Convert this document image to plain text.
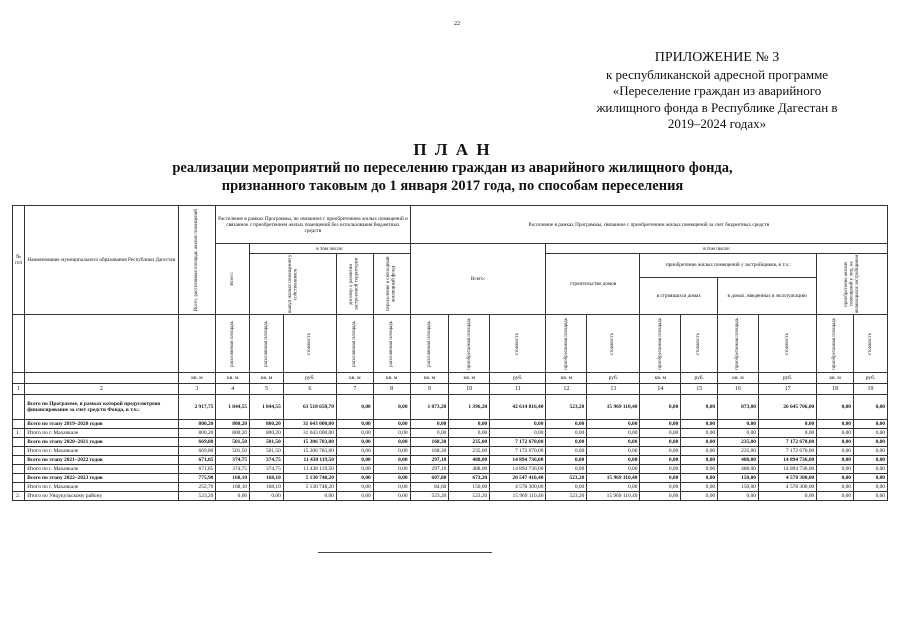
22
ПРИЛОЖЕНИЕ № 3
к республиканской адресной программе
«Переселение граждан из аварийного
жилищного фонда в Республике Дагестан в
2019–2024 годах»
П Л А Н
реализации мероприятий по переселению граждан из аварийного жилищного фонда,
признанного таковым до 1 января 2017 года, по способам переселения
№ п/п	Наименование муниципального образования Республики Дагестан	Всего, расселяемая площадь жилых помещений	Расселение в рамках Программы, не связанное с приобретением жилых помещений и связанное с приобретением жилых помещений без использования бюджетных средств					Расселение в рамках Программы, связанное с приобретением жилых помещений за счет бюджетных средств										

			Всего:	в том числе:				Всего:			в том числе:							

				выкуп жилых помещений у собственников		договор о развитии застроенной территории	переселение в свободный жилищный фонд				строительство домов		приобретение жилых помещений у застройщиков, в т.ч.:				приобретение жилых помещений у лиц, не являющихся застройщиком	

													в строящихся домах		в домах, введенных в эксплуатацию			

			расселяемая площадь	расселяемая площадь	стоимость	расселяемая площадь	расселяемая площадь	расселяемая площадь	приобретаемая площадь	стоимость	приобретаемая площадь	стоимость	приобретаемая площадь	стоимость	приобретаемая площадь	стоимость	приобретаемая площадь	стоимость

		кв. м	кв. м	кв. м	руб.	кв. м	кв. м	кв. м	кв. м	руб.	кв. м	руб.	кв. м	руб.	кв. м	руб.	кв. м	руб.
1	2	3	4	5	6	7	8	9	10	11	12	13	14	15	16	17	18	19
	Всего по Программе, в рамках которой предусмотрено финансирование за счет средств Фонда, в т.ч.:	2 917,75	1 844,55	1 844,55	63 518 650,70	0,00	0,00	1 073,20	1 396,20	42 614 816,40	523,20	15 969 110,40	0,00	0,00	873,00	26 645 706,00	0,00	0,00
	Всего по этапу 2019–2020 годов	800,20	800,20	800,20	31 643 000,00	0,00	0,00	0,00	0,00	0,00	0,00	0,00	0,00	0,00	0,00	0,00	0,00	0,00
1.	Итого по г. Махачкале	800,20	800,20	800,20	31 643 000,00	0,00	0,00	0,00	0,00	0,00	0,00	0,00	0,00	0,00	0,00	0,00	0,00	0,00
	Всего по этапу 2020–2021 годов	669,80	501,50	501,50	15 306 783,00	0,00	0,00	168,30	235,00	7 172 670,00	0,00	0,00	0,00	0,00	235,00	7 172 670,00	0,00	0,00
	Итого по г. Махачкале	669,80	501,50	501,50	15 306 783,00	0,00	0,00	168,30	235,00	7 172 670,00	0,00	0,00	0,00	0,00	235,00	7 172 670,00	0,00	0,00
	Всего по этапу 2021–2022 годов	671,85	374,75	374,75	11 438 119,50	0,00	0,00	297,10	488,00	14 894 736,00	0,00	0,00	0,00	0,00	488,00	14 894 736,00	0,00	0,00
	Итого по г. Махачкале	671,85	374,75	374,75	11 438 119,50	0,00	0,00	297,10	488,00	14 894 736,00	0,00	0,00	0,00	0,00	488,00	14 894 736,00	0,00	0,00
	Всего по этапу 2022–2023 годов	775,90	168,10	168,10	5 130 748,20	0,00	0,00	607,80	673,20	20 547 410,40	523,20	15 969 110,40	0,00	0,00	150,00	4 578 300,00	0,00	0,00
	Итого по г. Махачкале	252,70	168,10	168,10	5 130 748,20	0,00	0,00	84,60	150,00	4 578 300,00	0,00	0,00	0,00	0,00	150,00	4 578 300,00	0,00	0,00
2.	Итого по Унцукульскому району	523,20	0,00	0,00	0,00	0,00	0,00	523,20	523,20	15 969 110,40	523,20	15 969 110,40	0,00	0,00	0,00	0,00	0,00	0,00
